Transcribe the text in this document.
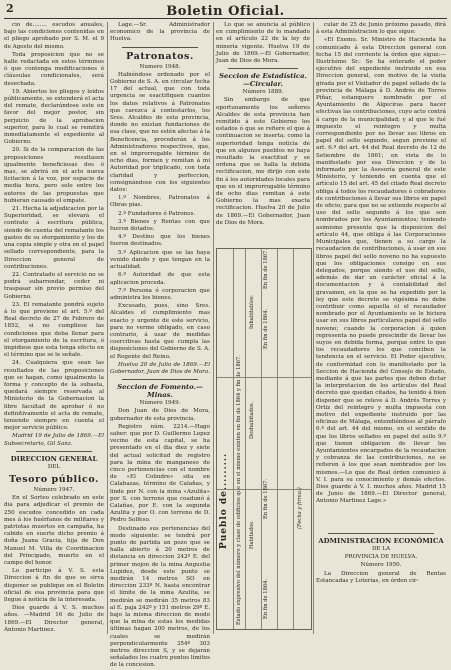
2	Boletin Oficial.

cio de........ escudos anuales, bajo las condiciones contenidas en el pliego aprobado por S. M. el 9 de Agosto del mismo.

Toda proposicion que no se halle redactada en estos términos ó que contenga modificaciones ó cláusulas condicionales, será desechada.

19. Abiertos los pliegos y leidos públicamente, se extenderá el acta del remate, declarándose este en favor del mejor postor, sin perjuicio de la aprobacion superior, para lo cual se remitirá inmediatamente el expediente al Gobierno.

20. Si de la comparacion de las proposiciones resultasen igualmente beneficiosas dos ó mas, se abrirá en el acto nueva licitacion á la voz, por espacio de media hora, pero solo entre los autores de las propuestas que hubieran causado el empate.

21. Hecha la adjudicacion por la Superioridad, se elevará el contrato á escritura pública, siendo de cuenta del rematante los gastos de su otorgamiento y los de una copia simple y otra en el papel sellado correspondiente, para la Direccion general de contribuciones.

22. Contratado el servicio no se podrá subarrendar, ceder ni traspasar sin previo permiso del Gobierno.

23. El rematante pondrá sujeto á lo que previene el art. 5.º del Real decreto de 27 de Febrero de 1852, si no cumpliese las condiciones que deba llenar para el otorgamiento de la escritura, ó impidiese que esta tenga efecto en el término que se le señale.

24. Cualquiera que sean las resultados de las proposiciones que se hagan, como igualmente la forma y concepto de la subasta, quedará siempre reservada al Ministerio de la Gobernacion la libre facultad de aprobar ó no definitivamente el acta de remate, teniendo siempre en cuenta el mejor servicio público.

Madrid 19 de Julio de 1869.—El Subsecretario, Gil Sanz.

DIRECCION GENERAL
DEL
Tesoro público.
Número 1947.

En el Sorteo celebrado en este dia para adjudicar el premio de 250 escudos concedido en cada mes á los huérfanos de militares y patriotas muertos en campaña, ha cabido en suerte dicho premio á doña Juana Gracia, hija de Don Manuel M. Villa de Coordinacion del Principado, muerto en el campo del honor.

Lo participo á V. S. esta Direccion á fin de que se sirva disponer se publique en el Boletin oficial de esa provincia para que llegue á noticia de la interesada.

Dios guarde á V. S. muchos años. —Madrid 16 de Julio de 1869.—El Director general, Antonio Martinez.

Lage.—Sr. Administrador economico de la provincia de Huelva.

Patronatos.
Numero 1948.

Habiéndose ordenado por el Gobierno de S. A. en circular fecha 17 del actual, que con toda urgencia se esactifiquen cuantos los datos relativos á Patronatos que carezca á contestarlos, los Sres. Alcaldes de esta provincia, donde no existan fundaciones de esa clase, que no estén afectas á la Beneficencia, procederán á los Administradores respectivos, que, en el improrrogable término de ocho dias, formen y remitan á mi Autoridad por triplicado, con toda claridad y perfeccion, consignándose con los siguientes datos:

1.º Nombres, Patronatos á Obras pias.

2.º Fundadores ó Patronos.

3.º Bienes y Rentas con que fueron dotados.

4.º Destino que los bienes fueron destinados.

5.º Aplicacion que se las haya venido dando y que tengan en la actualidad.

6.º Autoridad de que esta aplicacion proceda.

7.º Persona ó corporacion que administra los bienes.

Excusado, pues, sino Sres. Alcaldes el cumplimiento mas exacto y urgente de este servicio, para no verme obligado, en caso contrario, á usar de medidas coercitivas hasta que cumpla las disposiciones del Gobierno de S. A. el Regente del Reino.

Huelva 20 de Julio de 1869.—El Gobernador, Juan de Dios de Mora.

Seccion de Fomento.—Minas.
Número 1949.

Don Juan de Dios de Mora, gobernador de esta provincia.

Registro núm. 2214.—Hago saber: que por D. Guillermo Lopez vecino de esta capital, se ha presentado en el dia diez y siete del actual solicitud de registro para la mina de manganeso de cinco pertenencias con el nombre de «El Colindre» sita en Calabazas, término de Calañas, y linde por N. con la mina «Azulita» por S. con terreno que coadunó á Calañas, por E. con la segunda Azulita y por O. con terreno de D. Pedro Solfeso.

Destinado sus pertenencias del modo siguiente: se tendrá por punto de partida un pozo que se halla abierto á 20 metros de distancia en direccion 242º E. del primer mojon de la mina Angustia Lupidez, desde este punto se medirán 14 metros SO en direccion 233º N. hasta encontrar el límite de la mina Azulita, se medirán se medirán 35 metros 83 al E. paja 242º y 151 metros 29º E. bajo la misma direccion de modo que la mina de estas los medidas últimas hagan 200 metros, de los cuales se medirán perpendicularmente 354º 303 metros direccion S, y se dejarán señalados los cuatro puntos límites de la concesion.

Lo que se anuncia al público en cumplimiento de lo mandado en el artículo 22 de la ley de minería vigente. Huelva 19 de Julio de 1869.—El Gobernador, Juan de Dios de Mora.

Seccion de Estadística.—Circular.
Número 1889.

Sin embargo de que oportunamente los señores Alcaldes de esta provincia han remitido á este Gobierno los estados ó que se refiere el que á continuacion se inserta; como la superioridad tenga noticia de que en algunos pueblos no haya resultado la exactitud y se ordena que se halla la debida rectificacion, me dirijo con este fin á los autoridades locales para que en el improrrogable término de ocho dias remitan á este Gobierno la mas exacta rectificacion. Huelva 20 de Julio de 1869.—El Gobernador, Juan de Dios de Mora.

Pueblo de......... Estado expresivo del número y clase de edificios que en el mismo existen en fin de 1864 y fin de 1867. Habitados.
Deshabitados.
Inhabitables.
En fin de 1864.
En fin de 1867.
En fin de 1864.
En fin de 1867.
(Fecha y firma.)

cular de 25 de Junio próximo pasado, dirá á esta Administracion lo que sigue:

«El Exemo. Sr. Ministro de Hacienda ha comunicado á esta Direccion general con fecha 15 del corriente la órden que sigue:—Ilustrísimo Sr.: Se ha enterado el poder ejecutivo del expediente instruido en esa Direccion general, con motivo de la visita girada por el Visitador de papel sellado de la provincia de Málaga á D. Andrés de Torres Piñar, estanquero nombrado por el Ayuntamiento de Algeciras para hacer efectivas las contribuciones, cuyo acto contrá á cargo de la municipalidad; y al que le fué impuesto el reintegro y multa correspondiente por no llevar sus libros en papel del sello segundo, segun previene el art. 6.º del art. 44 del Real decreto de 12 de Setiembre de 1861; en vista de lo manifestado por esa Direccion y de lo informado por la Asesoría general de este Ministerio, y teniendo en cuenta que el artículo 15 del art. 45 del citado Real decreto obliga á todos los recaudadores ó cobradores de contribuciones á llevar sus libros en papel de oficio; para que no se extiende respecto al uso del sello segundo á los que son nombrados por los Ayuntamientos; teniendo asimismo presente que la disposicion del artículo 44, que obliga á las Corporaciones Municipales que, tienen a su cargo la recaudacion de contribuciones, á usar en sus libros papel del sello noveno no ha supuesto que los obligaciones consigo en sus delegados, porque siendo el uso del sello, además de dar un carácter oficial á la documentacion y á contabilidad del gravamen, en la que se ha expedido por la ley que este decreto se vigésima no debe contribuir como aquella el el recaudador nombrado por el Ayuntamiento se le hiciera usar en sus libros particulares papel del sello noveno; cuando la corporacion á quien representa no puede prescindir de llevar los suyos en debida forma, porque entre lo que los recaudadores los que conciben la tendencia en el servicio. El Poder ejecutivo, de conformidad con lo manifestado por la Seccion de Hacienda del Consejo de Estado, mediante á que las partes que deben dictar la interpretacion de los artículos del Real decreto que quedan citados, ha tenido á bien disponer que se releve á D. Andrés Torres y Ortiz del reintegro y multa impuesta con motivo del expediente instruido por las oficinas de Málaga, entendiéndose al párrafo 6.º del art. 44 del mismo, en el sentido de que los libros sellados en papel del sello 9.º que tienen obligacion de llevar los Ayuntamientos encargados de la recaudacion y cobranza de las contribuciones, no se refieren á los que sean nombrados por los mismos.—Lo que de Real órden comunico á V. I. para su conocimiento y demás efectos. Dios guarde á V. I. muchos años. Madrid 15 de Junio de 1869.—El Director general, Antonio Martinez Lage.»

ADMINISTRACION ECONÓMICA
DE LA
PROVINCIA DE HUELVA.
Número 1950.

La Direccion general de Rentas Estancadas y Loterías, en órden cir-
